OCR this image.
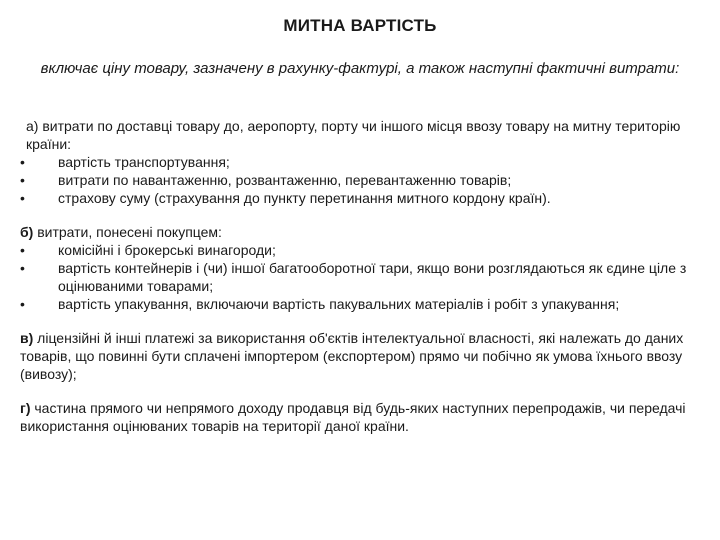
МИТНА ВАРТІСТЬ
включає ціну товару, зазначену в рахунку-фактурі, а також наступні фактичні витрати:

а) витрати по доставці товару до, аеропорту, порту чи іншого місця ввозу товару на митну територію країни:

• вартість транспортування;
• витрати по навантаженню, розвантаженню, перевантаженню товарів;
• страхову суму (страхування до пункту перетинання митного кордону країн).

б) витрати, понесені покупцем:

• комісійні і брокерські винагороди;
• вартість контейнерів і (чи) іншої багатооборотної тари, якщо вони розглядаються як єдине ціле з оцінюваними товарами;
• вартість упакування, включаючи вартість пакувальних матеріалів і робіт з упакування;

в) ліцензійні й інші платежі за використання об'єктів інтелектуальної власності, які належать до даних товарів, що повинні бути сплачені імпортером (експортером) прямо чи побічно як умова їхнього ввозу (вивозу);

г) частина прямого чи непрямого доходу продавця від будь-яких наступних перепродажів, чи передачі використання оцінюваних товарів на території даної країни.
